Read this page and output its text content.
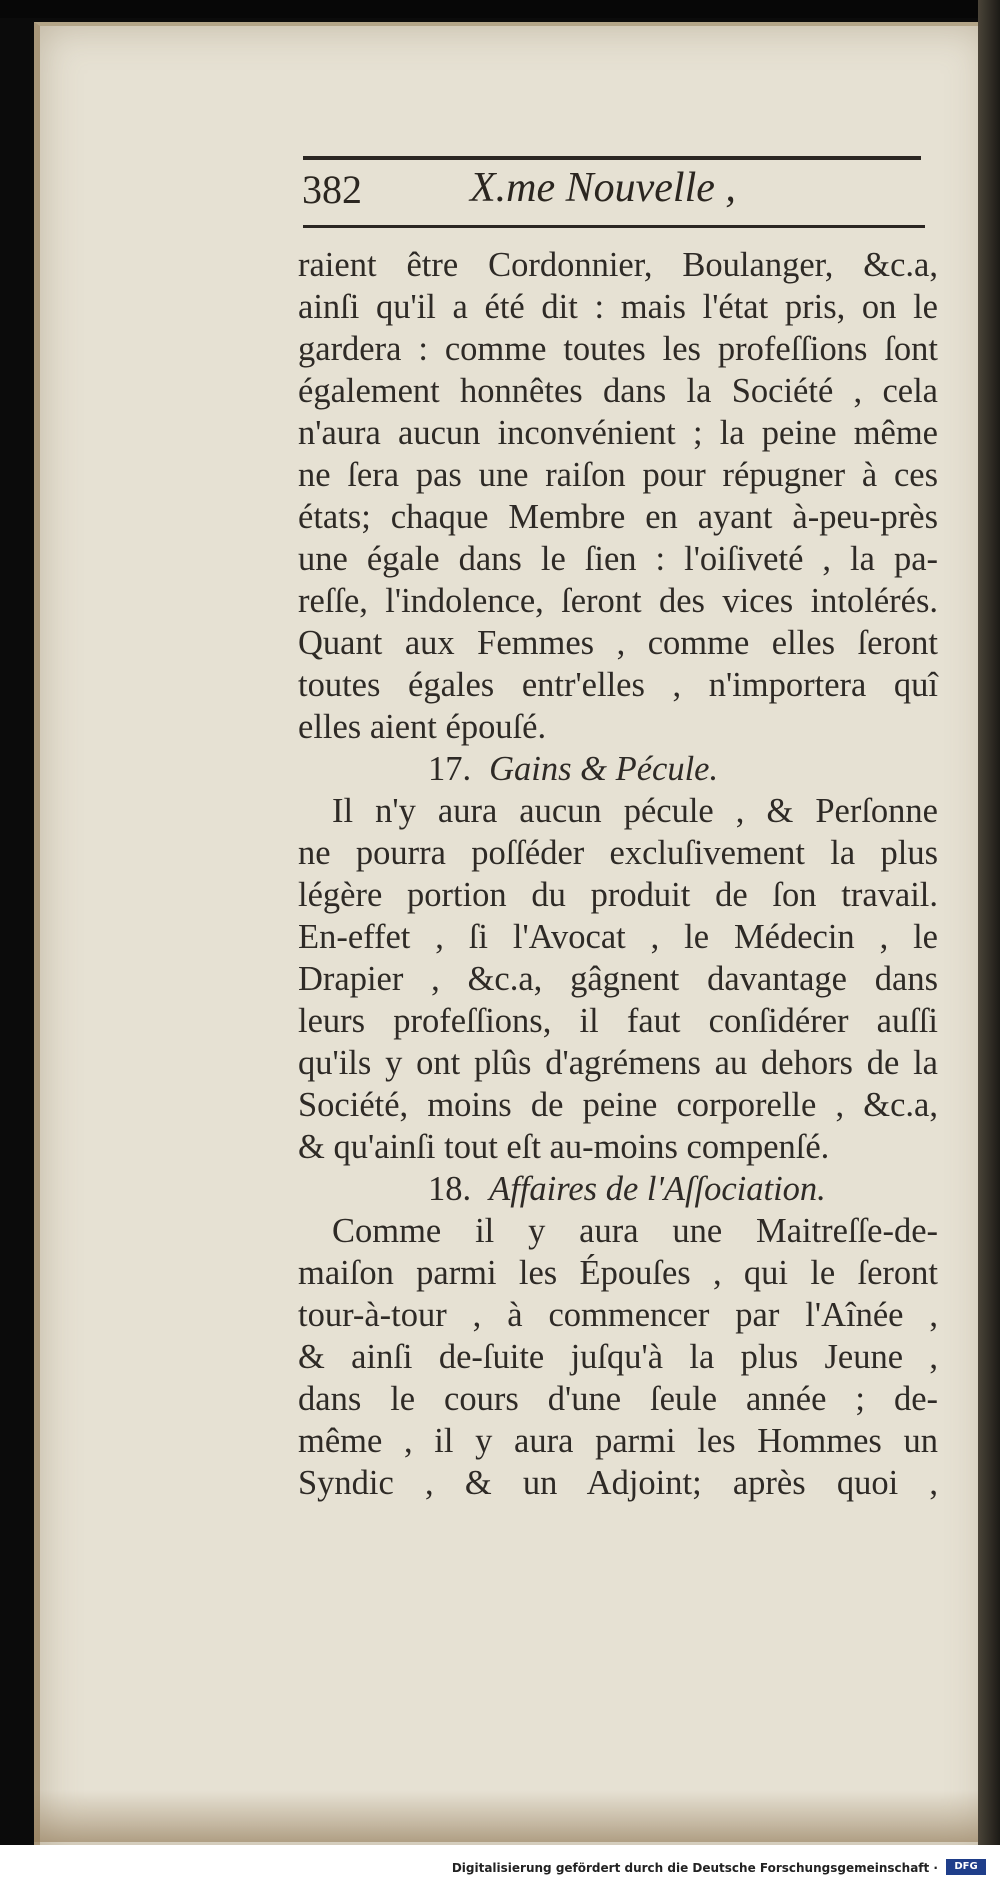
382	X.me Nouvelle ,
raient être Cordonnier, Boulanger, &c.a,
ainſi qu'il a été dit : mais l'état pris, on le
gardera : comme toutes les profeſſions ſont
également honnêtes dans la Société , cela
n'aura aucun inconvénient ; la peine même
ne ſera pas une raiſon pour répugner à ces
états; chaque Membre en ayant à-peu-près
une égale dans le ſien : l'oiſiveté , la pa-
reſſe, l'indolence, ſeront des vices intolérés.
Quant aux Femmes , comme elles ſeront
toutes égales entr'elles , n'importera quî
elles aient épouſé.
17. Gains & Pécule.
Il n'y aura aucun pécule , & Perſonne
ne pourra poſſéder excluſivement la plus
légère portion du produit de ſon travail.
En-effet , ſi l'Avocat , le Médecin , le
Drapier , &c.a, gâgnent davantage dans
leurs profeſſions, il faut conſidérer auſſi
qu'ils y ont plûs d'agrémens au dehors de la
Société, moins de peine corporelle , &c.a,
& qu'ainſi tout eſt au-moins compenſé.
18. Affaires de l'Aſſociation.
Comme il y aura une Maitreſſe-de-
maiſon parmi les Épouſes , qui le ſeront
tour-à-tour , à commencer par l'Aînée ,
& ainſi de-ſuite juſqu'à la plus Jeune ,
dans le cours d'une ſeule année ; de-
même , il y aura parmi les Hommes un
Syndic , & un Adjoint; après quoi ,
Digitalisierung gefördert durch die Deutsche Forschungsgemeinschaft ·	DFG
